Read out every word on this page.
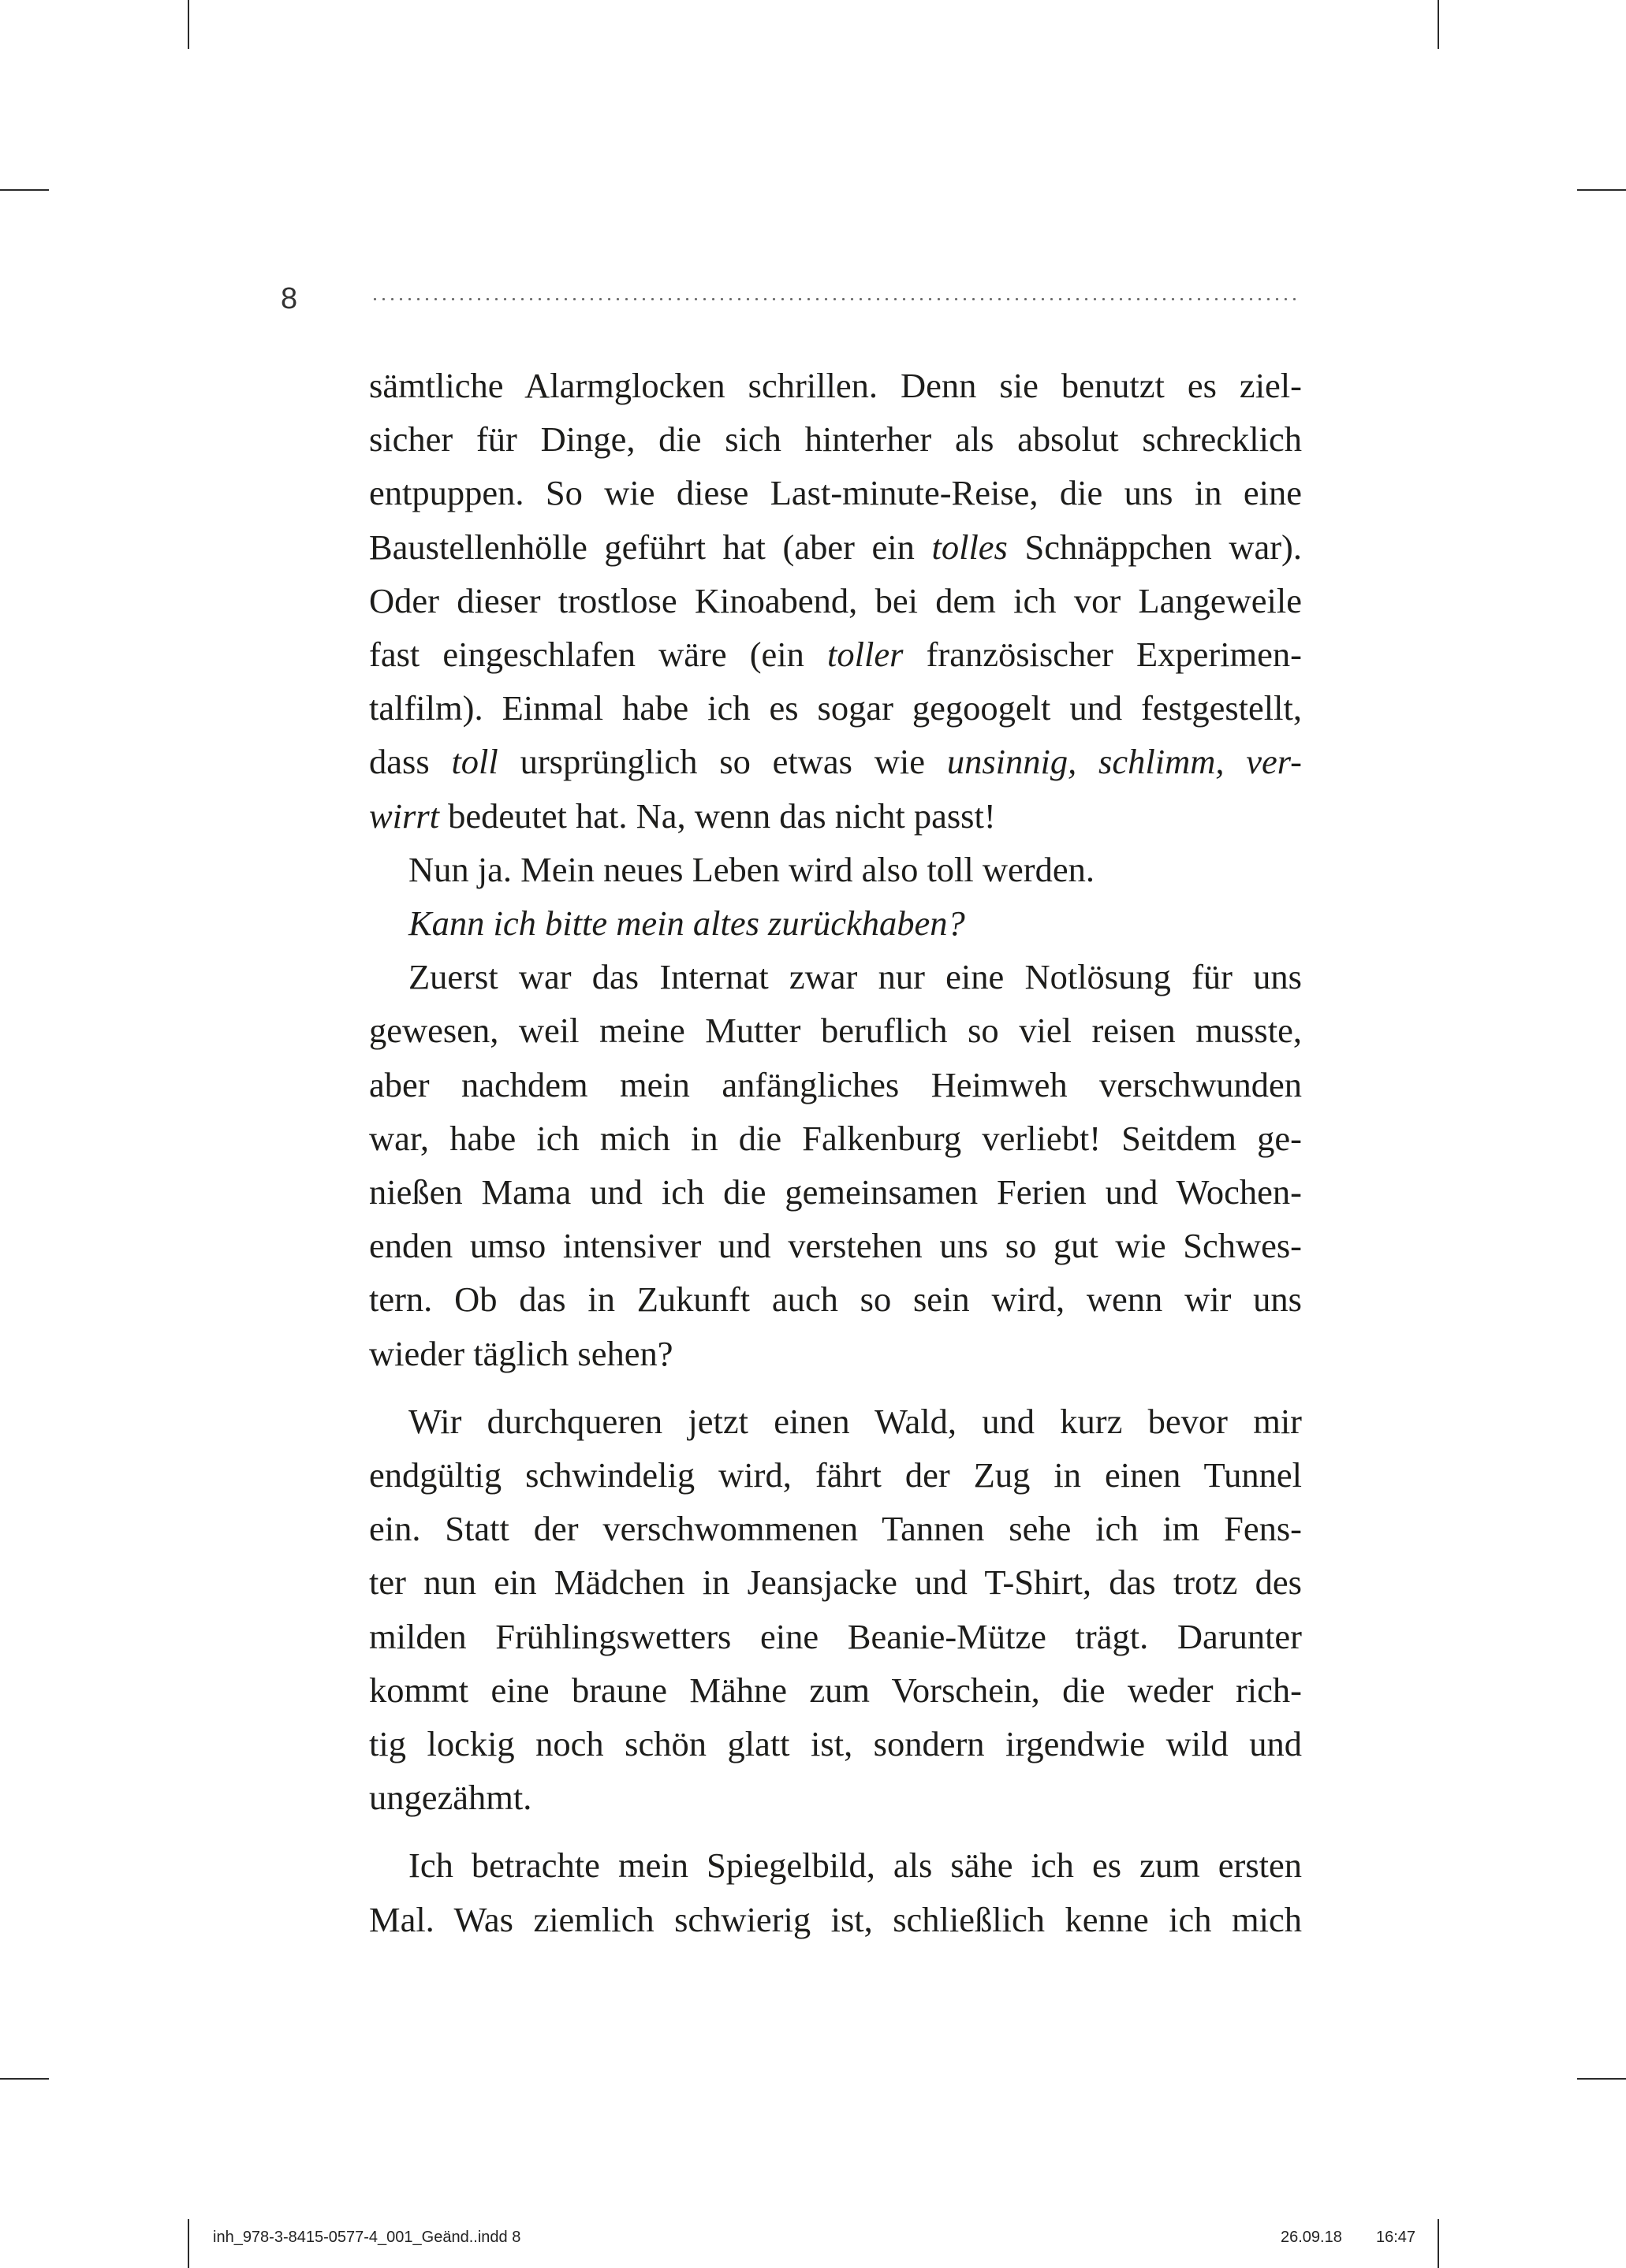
8
sämtliche Alarmglocken schrillen. Denn sie benutzt es ziel-
sicher für Dinge, die sich hinterher als absolut schrecklich
entpuppen. So wie diese Last-minute-Reise, die uns in eine
Baustellenhölle geführt hat (aber ein tolles Schnäppchen war).
Oder dieser trostlose Kinoabend, bei dem ich vor Langeweile
fast eingeschlafen wäre (ein toller französischer Experimen-
talfilm). Einmal habe ich es sogar gegoogelt und festgestellt,
dass toll ursprünglich so etwas wie unsinnig, schlimm, ver-
wirrt bedeutet hat. Na, wenn das nicht passt!
Nun ja. Mein neues Leben wird also toll werden.
Kann ich bitte mein altes zurückhaben?
Zuerst war das Internat zwar nur eine Notlösung für uns
gewesen, weil meine Mutter beruflich so viel reisen musste,
aber nachdem mein anfängliches Heimweh verschwunden
war, habe ich mich in die Falkenburg verliebt! Seitdem ge-
nießen Mama und ich die gemeinsamen Ferien und Wochen-
enden umso intensiver und verstehen uns so gut wie Schwes-
tern. Ob das in Zukunft auch so sein wird, wenn wir uns
wieder täglich sehen?
Wir durchqueren jetzt einen Wald, und kurz bevor mir
endgültig schwindelig wird, fährt der Zug in einen Tunnel
ein. Statt der verschwommenen Tannen sehe ich im Fens-
ter nun ein Mädchen in Jeansjacke und T-Shirt, das trotz des
milden Frühlingswetters eine Beanie-Mütze trägt. Darunter
kommt eine braune Mähne zum Vorschein, die weder rich-
tig lockig noch schön glatt ist, sondern irgendwie wild und
ungezähmt.
Ich betrachte mein Spiegelbild, als sähe ich es zum ersten
Mal. Was ziemlich schwierig ist, schließlich kenne ich mich
inh_978-3-8415-0577-4_001_Geänd..indd 8	26.09.18 16:47
